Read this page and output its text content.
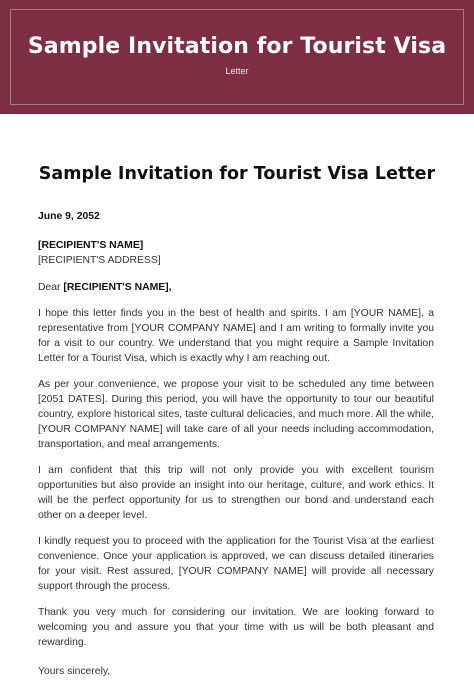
Sample Invitation for Tourist Visa
Letter
Sample Invitation for Tourist Visa Letter

June 9, 2052

[RECIPIENT'S NAME]
[RECIPIENT'S ADDRESS]

Dear [RECIPIENT'S NAME],

I hope this letter finds you in the best of health and spirits. I am [YOUR NAME], a representative from [YOUR COMPANY NAME] and I am writing to formally invite you for a visit to our country. We understand that you might require a Sample Invitation Letter for a Tourist Visa, which is exactly why I am reaching out.

As per your convenience, we propose your visit to be scheduled any time between [2051 DATES]. During this period, you will have the opportunity to tour our beautiful country, explore historical sites, taste cultural delicacies, and much more. All the while, [YOUR COMPANY NAME] will take care of all your needs including accommodation, transportation, and meal arrangements.

I am confident that this trip will not only provide you with excellent tourism opportunities but also provide an insight into our heritage, culture, and work ethics. It will be the perfect opportunity for us to strengthen our bond and understand each other on a deeper level.

I kindly request you to proceed with the application for the Tourist Visa at the earliest convenience. Once your application is approved, we can discuss detailed itineraries for your visit. Rest assured, [YOUR COMPANY NAME] will provide all necessary support through the process.

Thank you very much for considering our invitation. We are looking forward to welcoming you and assure you that your time with us will be both pleasant and rewarding.

Yours sincerely,
